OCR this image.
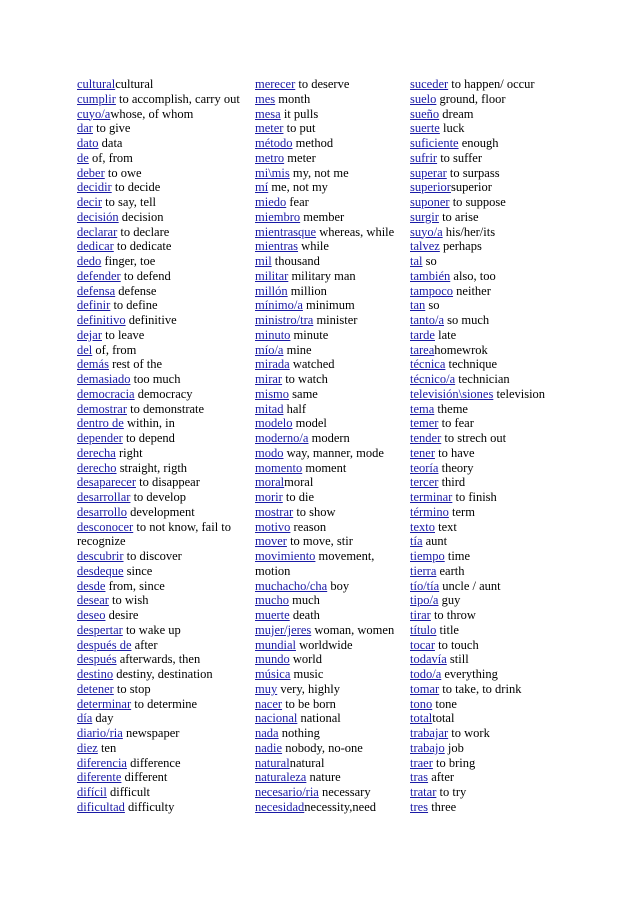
culturalcultural
cumplir to accomplish, carry out
cuyo/awhose, of whom
dar to give
dato data
de of, from
deber to owe
decidir to decide
decir to say, tell
decisión decision
declarar to declare
dedicar to dedicate
dedo finger, toe
defender to defend
defensa defense
definir to define
definitivo definitive
dejar to leave
del of, from
demás rest of the
demasiado too much
democracia democracy
demostrar to demonstrate
dentro de within, in
depender to depend
derecha right
derecho straight, rigth
desaparecer to disappear
desarrollar to develop
desarrollo development
desconocer to not know, fail to recognize
descubrir to discover
desdeque since
desde from, since
desear to wish
deseo desire
despertar to wake up
después de after
después afterwards, then
destino destiny, destination
detener to stop
determinar to determine
día day
diario/ria newspaper
diez ten
diferencia difference
diferente different
difícil difficult
dificultad difficulty
merecer to deserve
mes month
mesa it pulls
meter to put
método method
metro meter
mi\mis my, not me
mí me, not my
miedo fear
miembro member
mientrasque whereas, while
mientras while
mil thousand
militar military man
millón million
mínimo/a minimum
ministro/tra minister
minuto minute
mío/a mine
mirada watched
mirar to watch
mismo same
mitad half
modelo model
moderno/a modern
modo way, manner, mode
momento moment
moralmoral
morir to die
mostrar to show
motivo reason
mover to move, stir
movimiento movement, motion
muchacho/cha boy
mucho much
muerte death
mujer/jeres woman, women
mundial worldwide
mundo world
música music
muy very, highly
nacer to be born
nacional national
nada nothing
nadie nobody, no-one
naturalnatural
naturaleza nature
necesario/ria necessary
necesidadnecessity,need
suceder to happen/ occur
suelo ground, floor
sueño dream
suerte luck
suficiente enough
sufrir to suffer
superar to surpass
superiorsuperior
suponer to suppose
surgir to arise
suyo/a his/her/its
talvez perhaps
tal so
también also, too
tampoco neither
tan so
tanto/a so much
tarde late
tareahomewrok
técnica technique
técnico/a technician
televisión\siones television
tema theme
temer to fear
tender to strech out
tener to have
teoría theory
tercer third
terminar to finish
término term
texto text
tía aunt
tiempo time
tierra earth
tío/tía uncle / aunt
tipo/a guy
tirar to throw
título title
tocar to touch
todavía still
todo/a everything
tomar to take, to drink
tono tone
totaltotal
trabajar to work
trabajo job
traer to bring
tras after
tratar to try
tres three
